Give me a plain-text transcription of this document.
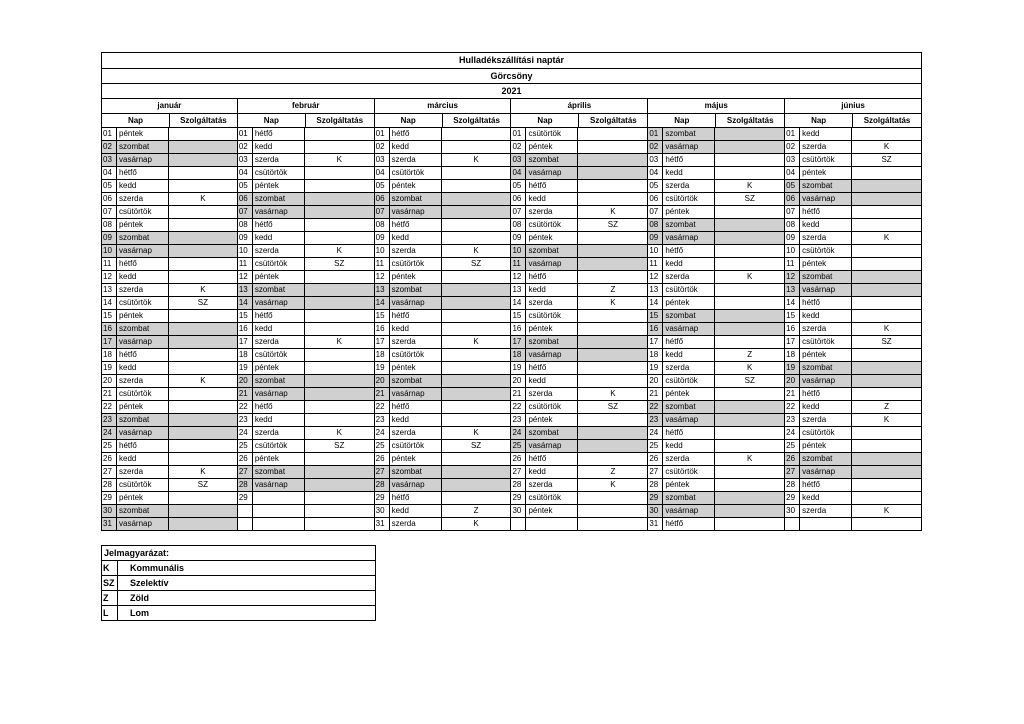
Hulladékszállítási naptár
Görcsöny
2021
január
Nap	Szolgáltatás
01 péntek
02 szombat
03 vasárnap
04 hétfő
05 kedd
06 szerda	K
07 csütörtök
08 péntek
09 szombat
10 vasárnap
11 hétfő
12 kedd
13 szerda	K
14 csütörtök	SZ
15 péntek
16 szombat
17 vasárnap
18 hétfő
19 kedd
20 szerda	K
21 csütörtök
22 péntek
23 szombat
24 vasárnap
25 hétfő
26 kedd
27 szerda	K
28 csütörtök	SZ
29 péntek
30 szombat
31 vasárnap
február
Nap	Szolgáltatás
01 hétfő
02 kedd
03 szerda	K
04 csütörtök
05 péntek
06 szombat
07 vasárnap
08 hétfő
09 kedd
10 szerda	K
11 csütörtök	SZ
12 péntek
13 szombat
14 vasárnap
15 hétfő
16 kedd
17 szerda	K
18 csütörtök
19 péntek
20 szombat
21 vasárnap
22 hétfő
23 kedd
24 szerda	K
25 csütörtök	SZ
26 péntek
27 szombat
28 vasárnap
29
március
Nap	Szolgáltatás
01 hétfő
02 kedd
03 szerda	K
04 csütörtök
05 péntek
06 szombat
07 vasárnap
08 hétfő
09 kedd
10 szerda	K
11 csütörtök	SZ
12 péntek
13 szombat
14 vasárnap
15 hétfő
16 kedd
17 szerda	K
18 csütörtök
19 péntek
20 szombat
21 vasárnap
22 hétfő
23 kedd
24 szerda	K
25 csütörtök	SZ
26 péntek
27 szombat
28 vasárnap
29 hétfő
30 kedd	Z
31 szerda	K
április
Nap	Szolgáltatás
01 csütörtök
02 péntek
03 szombat
04 vasárnap
05 hétfő
06 kedd
07 szerda	K
08 csütörtök	SZ
09 péntek
10 szombat
11 vasárnap
12 hétfő
13 kedd	Z
14 szerda	K
15 csütörtök
16 péntek
17 szombat
18 vasárnap
19 hétfő
20 kedd
21 szerda	K
22 csütörtök	SZ
23 péntek
24 szombat
25 vasárnap
26 hétfő
27 kedd	Z
28 szerda	K
29 csütörtök
30 péntek
május
Nap	Szolgáltatás
01 szombat
02 vasárnap
03 hétfő
04 kedd
05 szerda	K
06 csütörtök	SZ
07 péntek
08 szombat
09 vasárnap
10 hétfő
11 kedd
12 szerda	K
13 csütörtök
14 péntek
15 szombat
16 vasárnap
17 hétfő
18 kedd	Z
19 szerda	K
20 csütörtök	SZ
21 péntek
22 szombat
23 vasárnap
24 hétfő
25 kedd
26 szerda	K
27 csütörtök
28 péntek
29 szombat
30 vasárnap
31 hétfő
június
Nap	Szolgáltatás
01 kedd
02 szerda	K
03 csütörtök	SZ
04 péntek
05 szombat
06 vasárnap
07 hétfő
08 kedd
09 szerda	K
10 csütörtök
11 péntek
12 szombat
13 vasárnap
14 hétfő
15 kedd
16 szerda	K
17 csütörtök	SZ
18 péntek
19 szombat
20 vasárnap
21 hétfő
22 kedd	Z
23 szerda	K
24 csütörtök
25 péntek
26 szombat
27 vasárnap
28 hétfő
29 kedd
30 szerda	K
Jelmagyarázat:
K	Kommunális
SZ	Szelektív
Z	Zöld
L	Lom
